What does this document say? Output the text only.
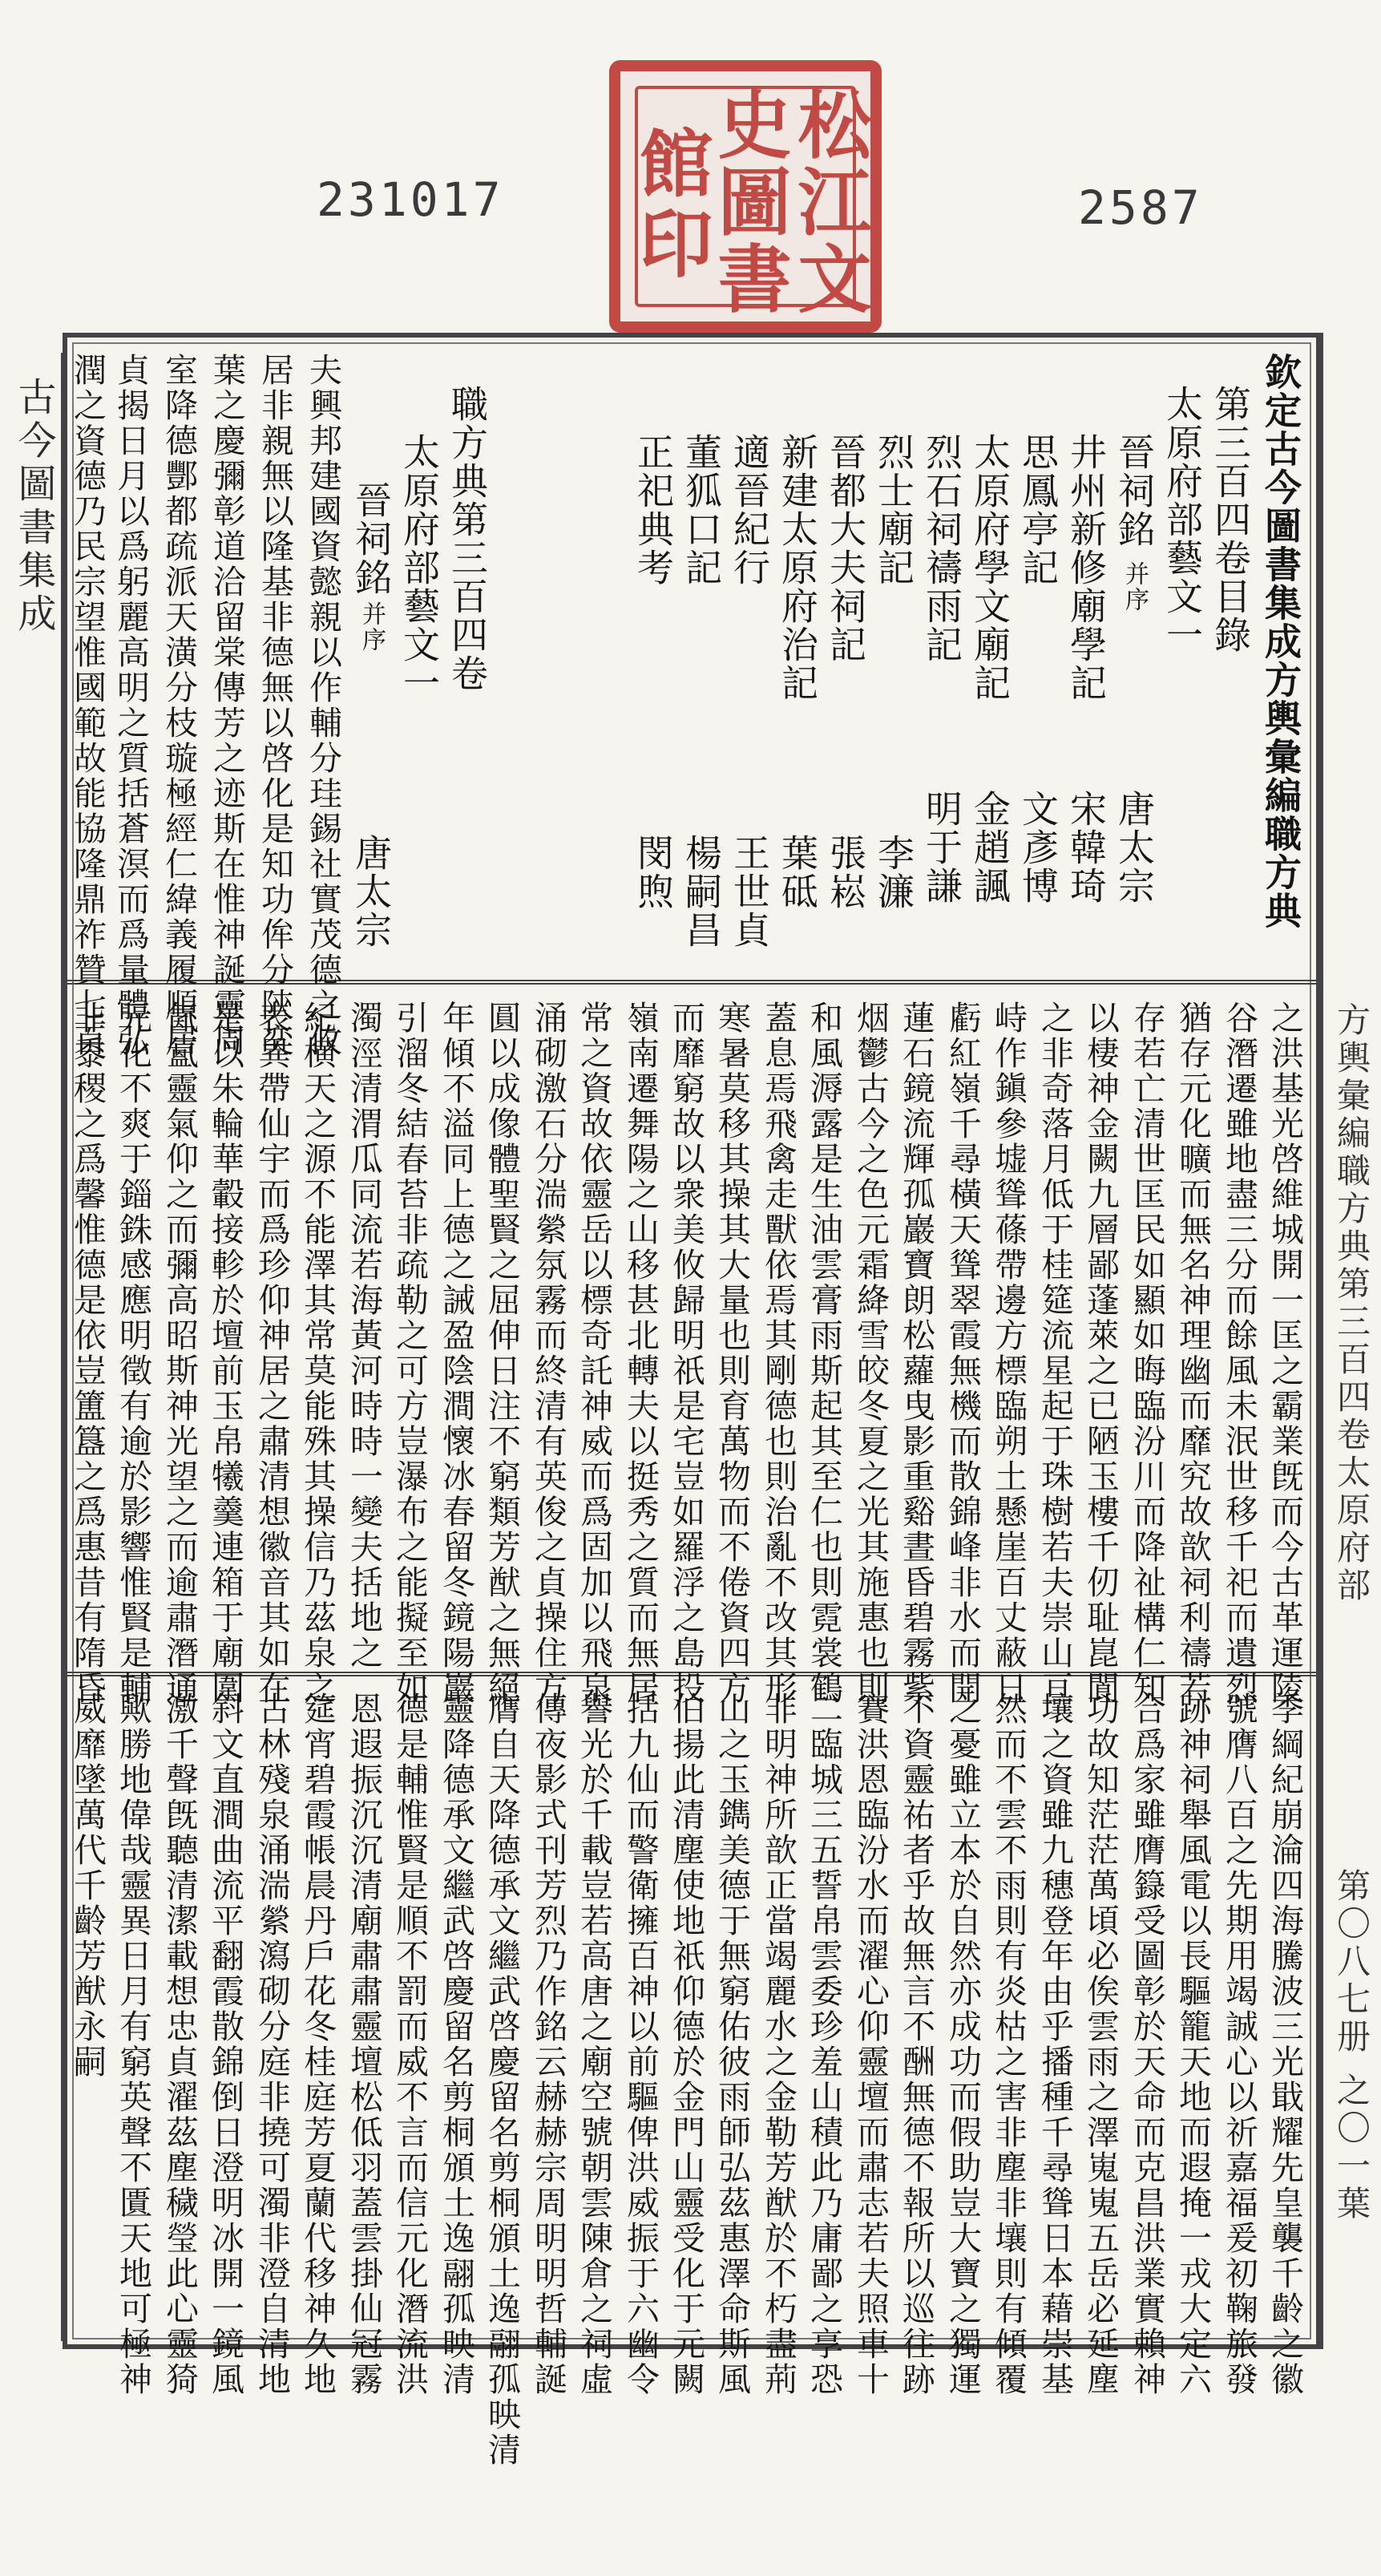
松
江
文
史
圖
書
館
印
231017	2587
古今圖書集成
方輿彙編職方典第三百四卷太原府部
第〇八七册
之〇一葉
欽定古今圖書集成方輿彙編職方典
第三百四卷目錄
太原府部藝文一
晉祠銘
并序
唐太宗
井州新修廟學記
宋韓琦
思鳳亭記
文彥博
太原府學文廟記
金趙諷
烈石祠禱雨記
明于謙
烈士廟記
李濂
晉都大夫祠記
張崧
新建太原府治記
葉砥
適晉紀行
王世貞
董狐口記
楊嗣昌
正祀典考
閔煦
職方典第三百四卷
太原府部藝文一
晉祠銘
并序
唐太宗
夫興邦建國資懿親以作輔分珪錫社實茂德之攸
居非親無以隆基非德無以啓化是知功侔分陝奕
葉之慶彌彰道洽留棠傳芳之迹斯在惟神誕靈周
室降德酆都疏派天潢分枝璇極經仁緯義履順居
貞揭日月以爲躬麗高明之質括蒼溟而爲量體弘
潤之資德乃民宗望惟國範故能協隆鼎祚贊七百
之洪基光啓維城開一匡之霸業旣而今古革運陵
谷潛遷雖地盡三分而餘風未泯世移千祀而遺烈
猶存元化曠而無名神理幽而靡究故歆祠利禱若
存若亡清世匡民如顯如晦臨汾川而降祉構仁知
以棲神金闕九層鄙蓬萊之已陋玉樓千仞耻崑閬
之非奇落月低于桂筵流星起于珠樹若夫崇山亘
峙作鎭參墟聳蓧帶邊方標臨朔土懸崖百丈蔽日
虧紅嶺千尋橫天聳翠霞無機而散錦峰非水而開
蓮石鏡流輝孤巖寶朗松蘿曳影重谿晝昏碧霧紫
烟鬱古今之色元霜絳雪皎冬夏之光其施惠也則
和風溽露是生油雲膏雨斯起其至仁也則霓裳鶴
蓋息焉飛禽走獸依焉其剛德也則治亂不改其形
寒暑莫移其操其大量也則育萬物而不倦資四方
而靡窮故以衆美攸歸明祇是宅豈如羅浮之島投
嶺南遷舞陽之山移甚北轉夫以挺秀之質而無居
常之資故依靈岳以標奇託神威而爲固加以飛泉
涌砌激石分湍縈氛霧而終清有英俊之貞操住方
圓以成像體聖賢之屈伸日注不窮類芳猷之無絕
年傾不溢同上德之誡盈陰澗懷冰春留冬鏡陽巖
引溜冬結春苔非疏勒之可方豈瀑布之能擬至如
濁涇清渭瓜同流若海黃河時時一變夫括地之
紀横天之源不能澤其常莫能殊其操信乃茲泉之
表異帶仙宇而爲珍仰神居之肅清想徽音其如在
是以朱輪華轂接軫於壇前玉帛犧羹連箱于廟圍
氤氳靈氣仰之而彌高昭斯神光望之而逾肅潛通
元化不爽于錙銖感應明徵有逾於影響惟賢是輔
非黍稷之爲馨惟德是依豈簠簋之爲惠昔有隋昏
季綱紀崩淪四海騰波三光戢耀先皇襲千齡之徽
號膺八百之先期用竭誠心以祈嘉福爰初鞠旅發
跡神祠舉風電以長驅籠天地而遐掩一戎大定六
合爲家雖膺籙受圖彰於天命而克昌洪業實賴神
功故知茫茫萬頃必俟雲雨之澤嵬嵬五岳必延塵
壤之資雖九穗登年由乎播種千尋聳日本藉崇基
然而不雲不雨則有炎枯之害非塵非壤則有傾覆
之憂雖立本於自然亦成功而假助豈大寶之獨運
不資靈祐者乎故無言不酬無德不報所以巡往跡
賽洪恩臨汾水而濯心仰靈壇而肅志若夫照車十
二臨城三五誓帛雲委珍羞山積此乃庸鄙之享恐
非明神所歆正當竭麗水之金勒芳猷於不朽盡荊
山之玉鐫美德于無窮佑彼雨師弘茲惠澤命斯風
伯揚此清塵使地祇仰德於金門山靈受化于元闕
括九仙而警衛擁百神以前驅俾洪威振于六幽令
譽光於千載豈若高唐之廟空號朝雲陳倉之祠虛
傳夜影式刊芳烈乃作銘云赫赫宗周明明哲輔誕
膺自天降德承文繼武啓慶留名剪桐頒土逸翮孤映清
靈降德承文繼武啓慶留名剪桐頒土逸翮孤映清
德是輔惟賢是順不罰而威不言而信元化潛流洪
恩遐振沉沉清廟肅肅靈壇松低羽蓋雲掛仙冠霧
筵宵碧霞帳晨丹戶花冬桂庭芳夏蘭代移神久地
古林殘泉涌湍縈瀉砌分庭非撓可濁非澄自清地
斜文直澗曲流平翻霞散錦倒日澄明冰開一鏡風
激千聲旣聽清潔載想忠貞濯茲塵穢瑩此心靈猗
歟勝地偉哉靈異日月有窮英聲不匱天地可極神
威靡墜萬代千齡芳猷永嗣
